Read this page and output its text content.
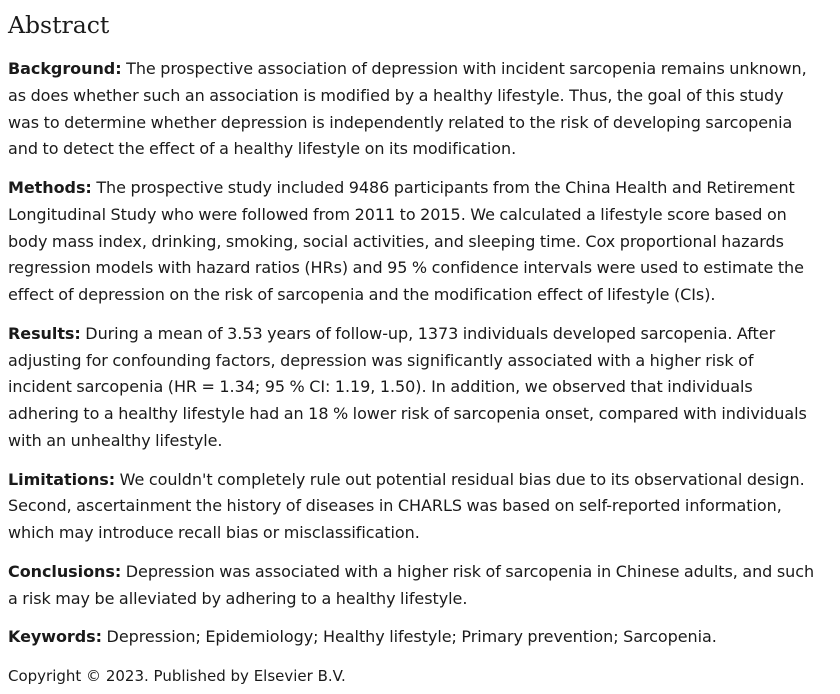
Abstract

Background: The prospective association of depression with incident sarcopenia remains unknown, as does whether such an association is modified by a healthy lifestyle. Thus, the goal of this study was to determine whether depression is independently related to the risk of developing sarcopenia and to detect the effect of a healthy lifestyle on its modification.

Methods: The prospective study included 9486 participants from the China Health and Retirement Longitudinal Study who were followed from 2011 to 2015. We calculated a lifestyle score based on body mass index, drinking, smoking, social activities, and sleeping time. Cox proportional hazards regression models with hazard ratios (HRs) and 95 % confidence intervals were used to estimate the effect of depression on the risk of sarcopenia and the modification effect of lifestyle (CIs).

Results: During a mean of 3.53 years of follow-up, 1373 individuals developed sarcopenia. After adjusting for confounding factors, depression was significantly associated with a higher risk of incident sarcopenia (HR = 1.34; 95 % CI: 1.19, 1.50). In addition, we observed that individuals adhering to a healthy lifestyle had an 18 % lower risk of sarcopenia onset, compared with individuals with an unhealthy lifestyle.

Limitations: We couldn't completely rule out potential residual bias due to its observational design. Second, ascertainment the history of diseases in CHARLS was based on self-reported information, which may introduce recall bias or misclassification.

Conclusions: Depression was associated with a higher risk of sarcopenia in Chinese adults, and such a risk may be alleviated by adhering to a healthy lifestyle.

Keywords: Depression; Epidemiology; Healthy lifestyle; Primary prevention; Sarcopenia.

Copyright © 2023. Published by Elsevier B.V.
